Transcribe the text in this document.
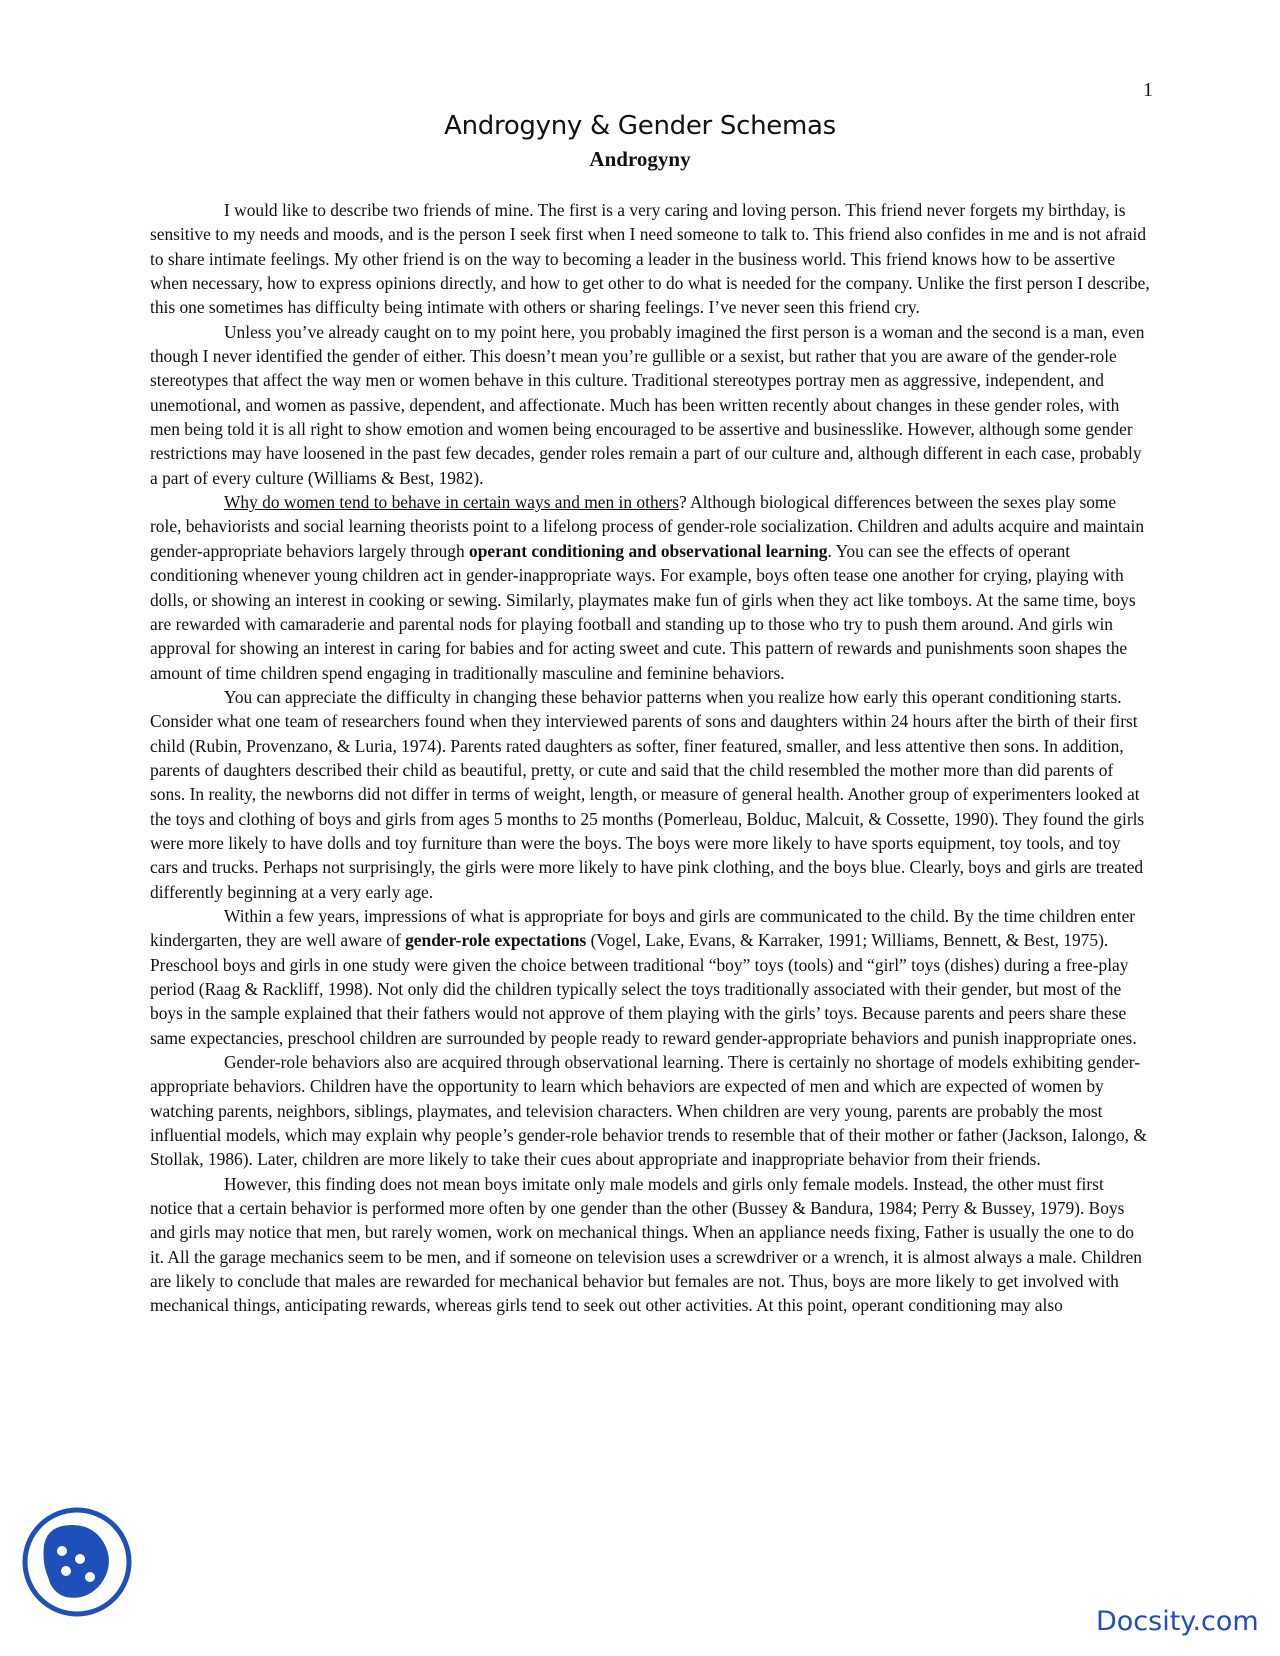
1
Androgyny & Gender Schemas
Androgyny

I would like to describe two friends of mine. The first is a very caring and loving person. This friend never forgets my birthday, is sensitive to my needs and moods, and is the person I seek first when I need someone to talk to. This friend also confides in me and is not afraid to share intimate feelings. My other friend is on the way to becoming a leader in the business world. This friend knows how to be assertive when necessary, how to express opinions directly, and how to get other to do what is needed for the company. Unlike the first person I describe, this one sometimes has difficulty being intimate with others or sharing feelings. I’ve never seen this friend cry.

Unless you’ve already caught on to my point here, you probably imagined the first person is a woman and the second is a man, even though I never identified the gender of either. This doesn’t mean you’re gullible or a sexist, but rather that you are aware of the gender-role stereotypes that affect the way men or women behave in this culture. Traditional stereotypes portray men as aggressive, independent, and unemotional, and women as passive, dependent, and affectionate. Much has been written recently about changes in these gender roles, with men being told it is all right to show emotion and women being encouraged to be assertive and businesslike. However, although some gender restrictions may have loosened in the past few decades, gender roles remain a part of our culture and, although different in each case, probably a part of every culture (Williams & Best, 1982).

Why do women tend to behave in certain ways and men in others? Although biological differences between the sexes play some role, behaviorists and social learning theorists point to a lifelong process of gender-role socialization. Children and adults acquire and maintain gender-appropriate behaviors largely through operant conditioning and observational learning. You can see the effects of operant conditioning whenever young children act in gender-inappropriate ways. For example, boys often tease one another for crying, playing with dolls, or showing an interest in cooking or sewing. Similarly, playmates make fun of girls when they act like tomboys. At the same time, boys are rewarded with camaraderie and parental nods for playing football and standing up to those who try to push them around. And girls win approval for showing an interest in caring for babies and for acting sweet and cute. This pattern of rewards and punishments soon shapes the amount of time children spend engaging in traditionally masculine and feminine behaviors.

You can appreciate the difficulty in changing these behavior patterns when you realize how early this operant conditioning starts. Consider what one team of researchers found when they interviewed parents of sons and daughters within 24 hours after the birth of their first child (Rubin, Provenzano, & Luria, 1974). Parents rated daughters as softer, finer featured, smaller, and less attentive then sons. In addition, parents of daughters described their child as beautiful, pretty, or cute and said that the child resembled the mother more than did parents of sons. In reality, the newborns did not differ in terms of weight, length, or measure of general health. Another group of experimenters looked at the toys and clothing of boys and girls from ages 5 months to 25 months (Pomerleau, Bolduc, Malcuit, & Cossette, 1990). They found the girls were more likely to have dolls and toy furniture than were the boys. The boys were more likely to have sports equipment, toy tools, and toy cars and trucks. Perhaps not surprisingly, the girls were more likely to have pink clothing, and the boys blue. Clearly, boys and girls are treated differently beginning at a very early age.

Within a few years, impressions of what is appropriate for boys and girls are communicated to the child. By the time children enter kindergarten, they are well aware of gender-role expectations (Vogel, Lake, Evans, & Karraker, 1991; Williams, Bennett, & Best, 1975). Preschool boys and girls in one study were given the choice between traditional “boy” toys (tools) and “girl” toys (dishes) during a free-play period (Raag & Rackliff, 1998). Not only did the children typically select the toys traditionally associated with their gender, but most of the boys in the sample explained that their fathers would not approve of them playing with the girls’ toys. Because parents and peers share these same expectancies, preschool children are surrounded by people ready to reward gender-appropriate behaviors and punish inappropriate ones.

Gender-role behaviors also are acquired through observational learning. There is certainly no shortage of models exhibiting gender-appropriate behaviors. Children have the opportunity to learn which behaviors are expected of men and which are expected of women by watching parents, neighbors, siblings, playmates, and television characters. When children are very young, parents are probably the most influential models, which may explain why people’s gender-role behavior trends to resemble that of their mother or father (Jackson, Ialongo, & Stollak, 1986). Later, children are more likely to take their cues about appropriate and inappropriate behavior from their friends.

However, this finding does not mean boys imitate only male models and girls only female models. Instead, the other must first notice that a certain behavior is performed more often by one gender than the other (Bussey & Bandura, 1984; Perry & Bussey, 1979). Boys and girls may notice that men, but rarely women, work on mechanical things. When an appliance needs fixing, Father is usually the one to do it. All the garage mechanics seem to be men, and if someone on television uses a screwdriver or a wrench, it is almost always a male. Children are likely to conclude that males are rewarded for mechanical behavior but females are not. Thus, boys are more likely to get involved with mechanical things, anticipating rewards, whereas girls tend to seek out other activities. At this point, operant conditioning may also

Docsity.com
